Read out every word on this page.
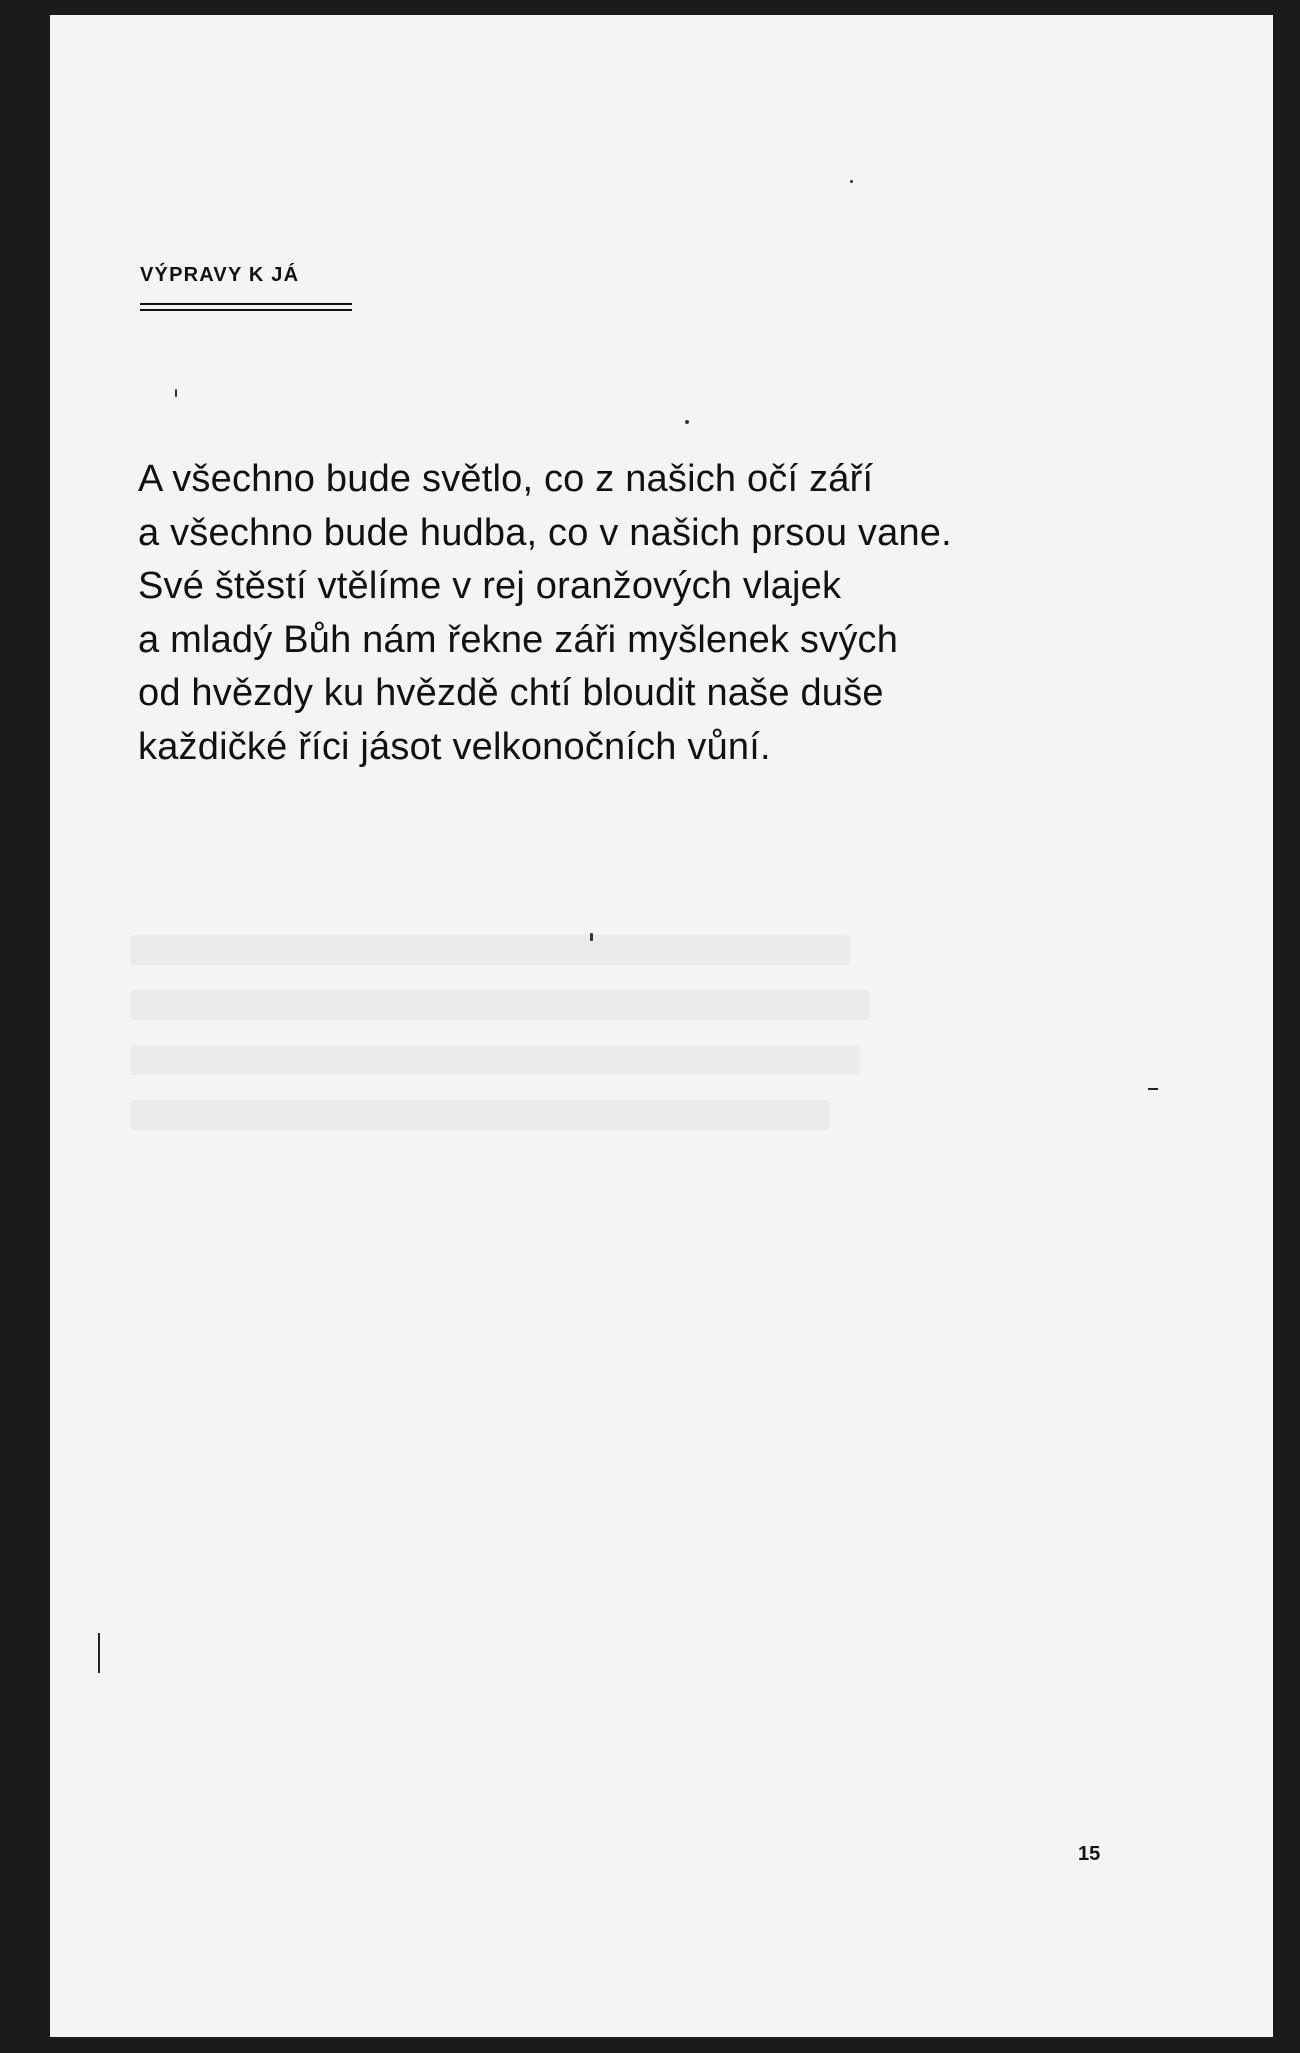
VÝPRAVY K JÁ
A všechno bude světlo, co z našich očí září
a všechno bude hudba, co v našich prsou vane.
Své štěstí vtělíme v rej oranžových vlajek
a mladý Bůh nám řekne záři myšlenek svých
od hvězdy ku hvězdě chtí bloudit naše duše
každičké říci jásot velkonočních vůní.
15
